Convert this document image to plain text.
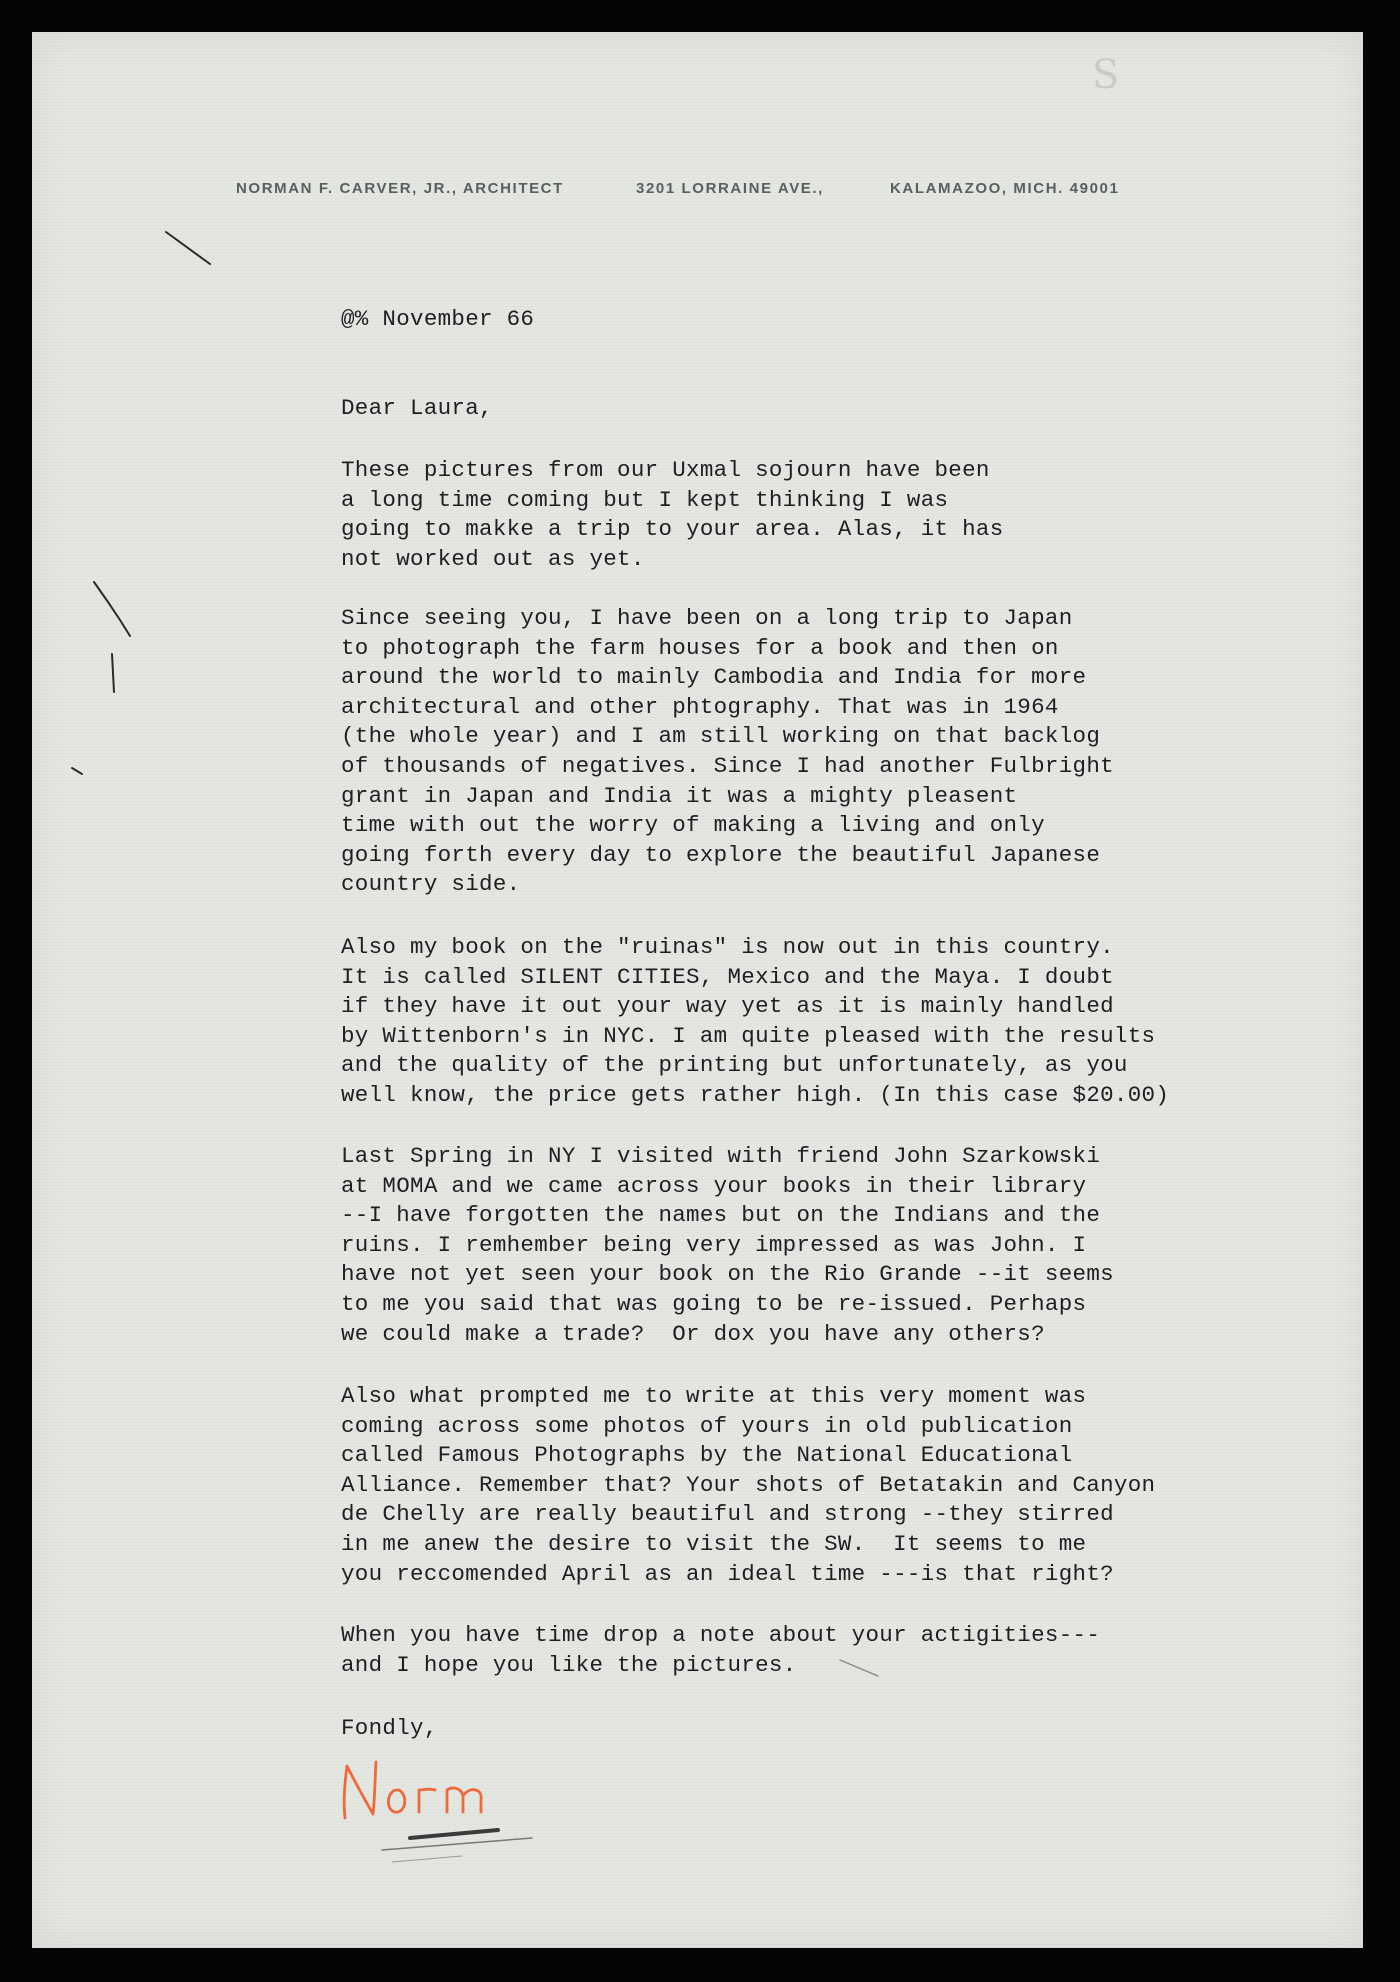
S
NORMAN F. CARVER, JR., ARCHITECT	3201 LORRAINE AVE.,	KALAMAZOO, MICH. 49001
@% November 66
Dear Laura,
These pictures from our Uxmal sojourn have been
a long time coming but I kept thinking I was
going to makke a trip to your area. Alas, it has
not worked out as yet.
Since seeing you, I have been on a long trip to Japan
to photograph the farm houses for a book and then on
around the world to mainly Cambodia and India for more
architectural and other phtography. That was in 1964
(the whole year) and I am still working on that backlog
of thousands of negatives. Since I had another Fulbright
grant in Japan and India it was a mighty pleasent
time with out the worry of making a living and only
going forth every day to explore the beautiful Japanese
country side.
Also my book on the "ruinas" is now out in this country.
It is called SILENT CITIES, Mexico and the Maya. I doubt
if they have it out your way yet as it is mainly handled
by Wittenborn's in NYC. I am quite pleased with the results
and the quality of the printing but unfortunately, as you
well know, the price gets rather high. (In this case $20.00)
Last Spring in NY I visited with friend John Szarkowski
at MOMA and we came across your books in their library
--I have forgotten the names but on the Indians and the
ruins. I remhember being very impressed as was John. I
have not yet seen your book on the Rio Grande --it seems
to me you said that was going to be re-issued. Perhaps
we could make a trade?  Or dox you have any others?
Also what prompted me to write at this very moment was
coming across some photos of yours in old publication
called Famous Photographs by the National Educational
Alliance. Remember that? Your shots of Betatakin and Canyon
de Chelly are really beautiful and strong --they stirred
in me anew the desire to visit the SW.  It seems to me
you reccomended April as an ideal time ---is that right?
When you have time drop a note about your actigities---
and I hope you like the pictures.
Fondly,
